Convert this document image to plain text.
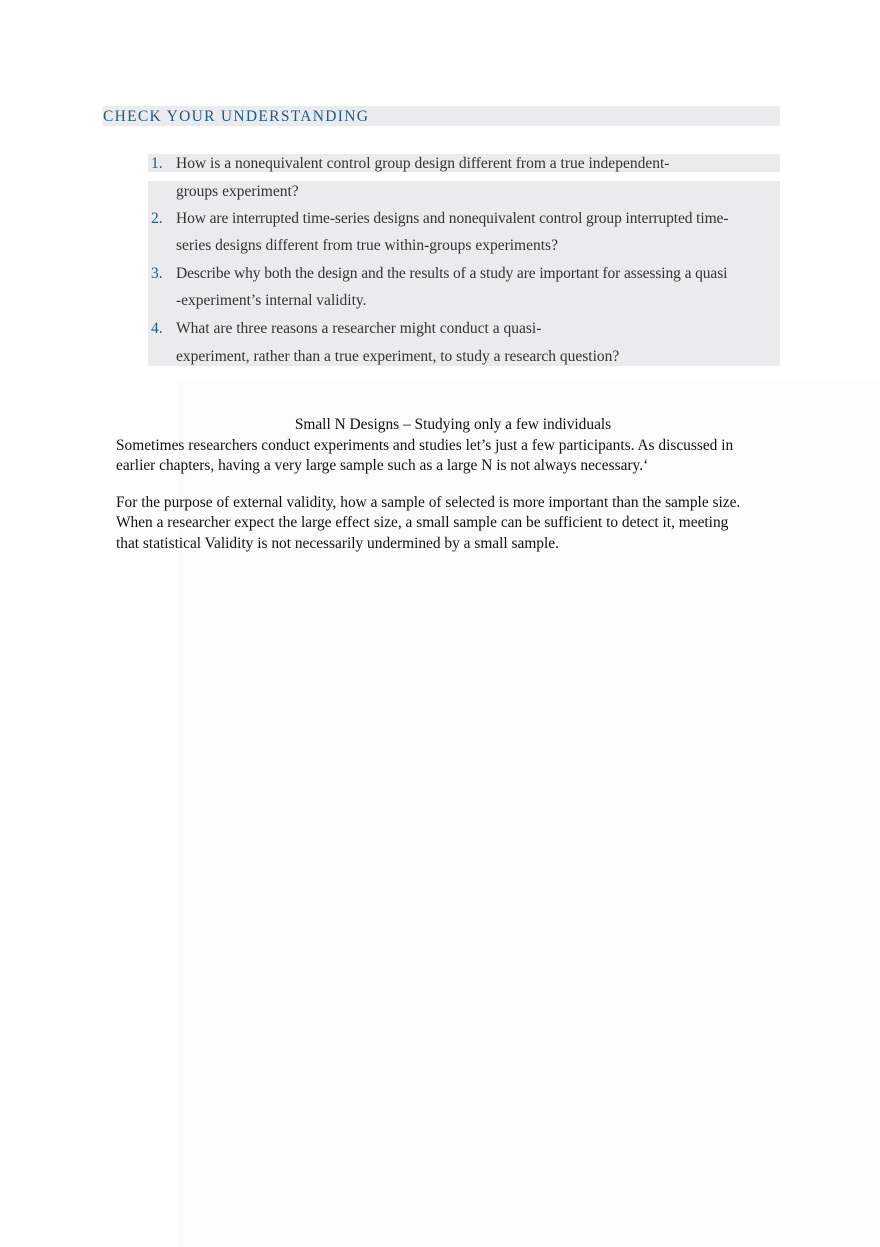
CHECK YOUR UNDERSTANDING
1. How is a nonequivalent control group design different from a true independent-
groups experiment?
2. How are interrupted time-series designs and nonequivalent control group interrupted time-
series designs different from true within-groups experiments?
3. Describe why both the design and the results of a study are important for assessing a quasi
-experiment’s internal validity.
4. What are three reasons a researcher might conduct a quasi-
experiment, rather than a true experiment, to study a research question?
Small N Designs – Studying only a few individuals
Sometimes researchers conduct experiments and studies let’s just a few participants. As discussed in
earlier chapters, having a very large sample such as a large N is not always necessary.‘
For the purpose of external validity, how a sample of selected is more important than the sample size.
When a researcher expect the large effect size, a small sample can be sufficient to detect it, meeting
that statistical Validity is not necessarily undermined by a small sample.
